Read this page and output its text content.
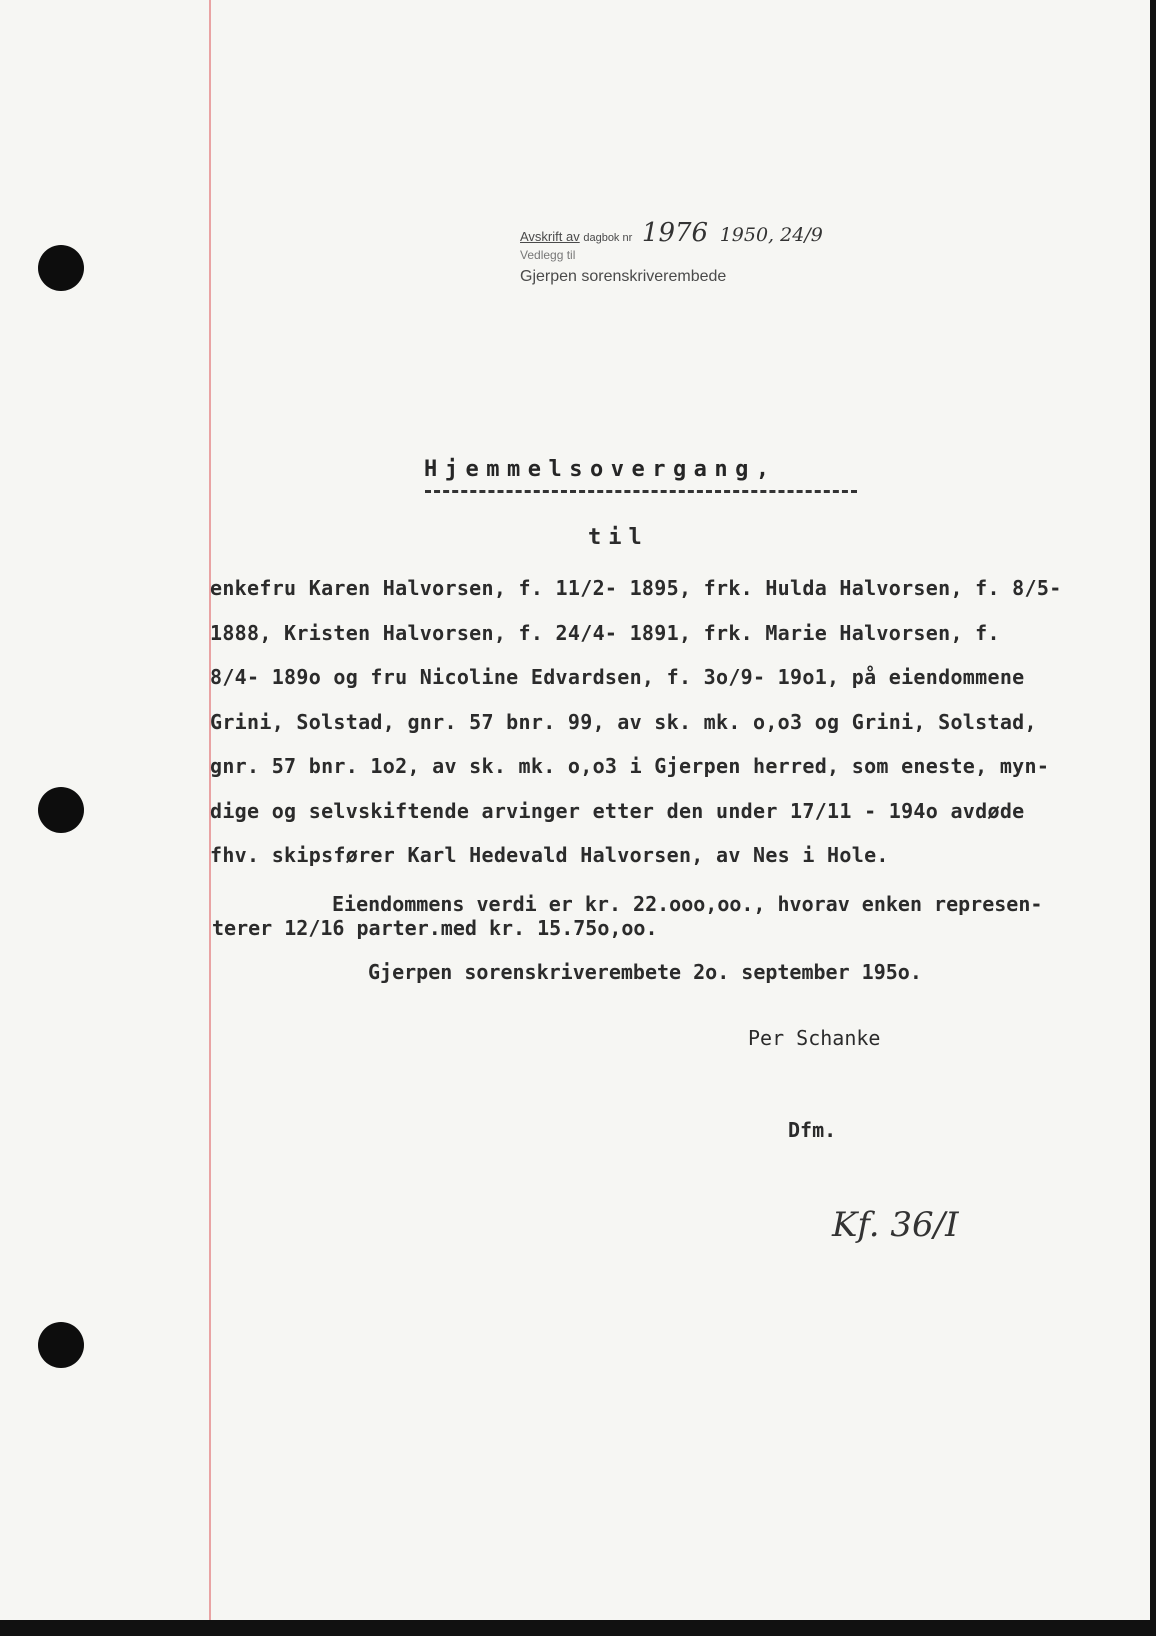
Avskrift av dagbok nr 1976 1950, 24/9
Vedlegg til
Gjerpen sorenskriverembede
Hjemmelsovergang,
til
enkefru Karen Halvorsen, f. 11/2- 1895, frk. Hulda Halvorsen, f. 8/5-
1888, Kristen Halvorsen, f. 24/4- 1891, frk. Marie Halvorsen, f.
8/4- 189o og fru Nicoline Edvardsen, f. 3o/9- 19o1, på eiendommene
Grini, Solstad, gnr. 57 bnr. 99, av sk. mk. o,o3 og Grini, Solstad,
gnr. 57 bnr. 1o2, av sk. mk. o,o3 i Gjerpen herred, som eneste, myn-
dige og selvskiftende arvinger etter den under 17/11 - 194o avdøde
fhv. skipsfører Karl Hedevald Halvorsen, av Nes i Hole.
Eiendommens verdi er kr. 22.ooo,oo., hvorav enken represen-
terer 12/16 parter.med kr. 15.75o,oo.
Gjerpen sorenskriverembete 2o. september 195o.
Per Schanke
Dfm.
Kf. 36/I
